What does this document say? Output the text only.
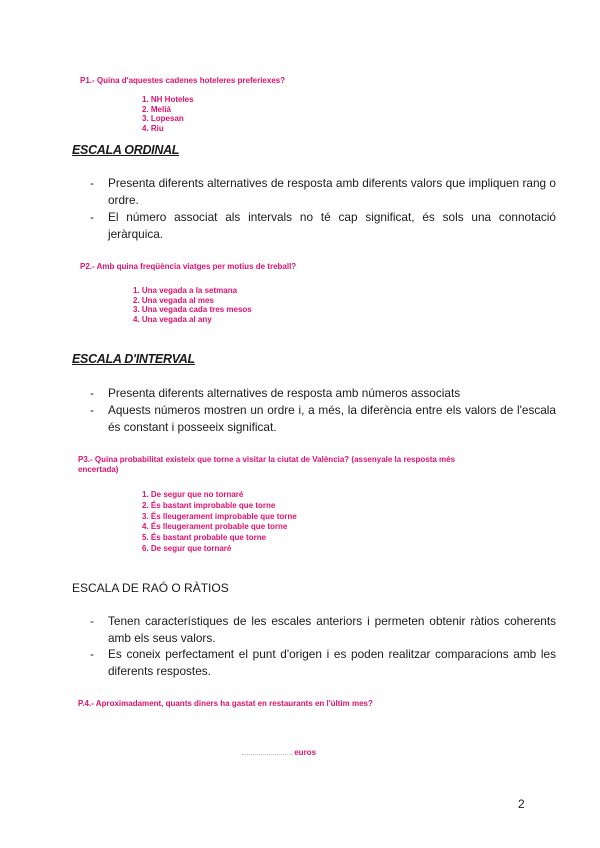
P1.- Quina d'aquestes cadenes hoteleres preferiexes?
1. NH Hoteles
2. Meliá
3. Lopesan
4. Riu
ESCALA ORDINAL
- Presenta diferents alternatives de resposta amb diferents valors que impliquen rang o ordre.
- El número associat als intervals no té cap significat, és sols una connotació jeràrquica.
P2.- Amb quina freqüència viatges per motius de treball?
1. Una vegada a la setmana
2. Una vegada al mes
3. Una vegada cada tres mesos
4. Una vegada al any
ESCALA D'INTERVAL
- Presenta diferents alternatives de resposta amb números associats
- Aquests números mostren un ordre i, a més, la diferència entre els valors de l'escala és constant i posseeix significat.
P3.- Quina probabilitat existeix que torne a visitar la ciutat de València? (assenyale la resposta més encertada)
1. De segur que no tornaré
2. És bastant improbable que torne
3. És lleugerament improbable que torne
4. És lleugerament probable que torne
5. És bastant probable que torne
6. De segur que tornaré
ESCALA DE RAÓ O RÀTIOS
- Tenen característiques de les escales anteriors i permeten obtenir ràtios coherents amb els seus valors.
- Es coneix perfectament el punt d'origen i es poden realitzar comparacions amb les diferents respostes.
P.4.- Aproximadament, quants diners ha gastat en restaurants en l'últim mes?
euros
2
